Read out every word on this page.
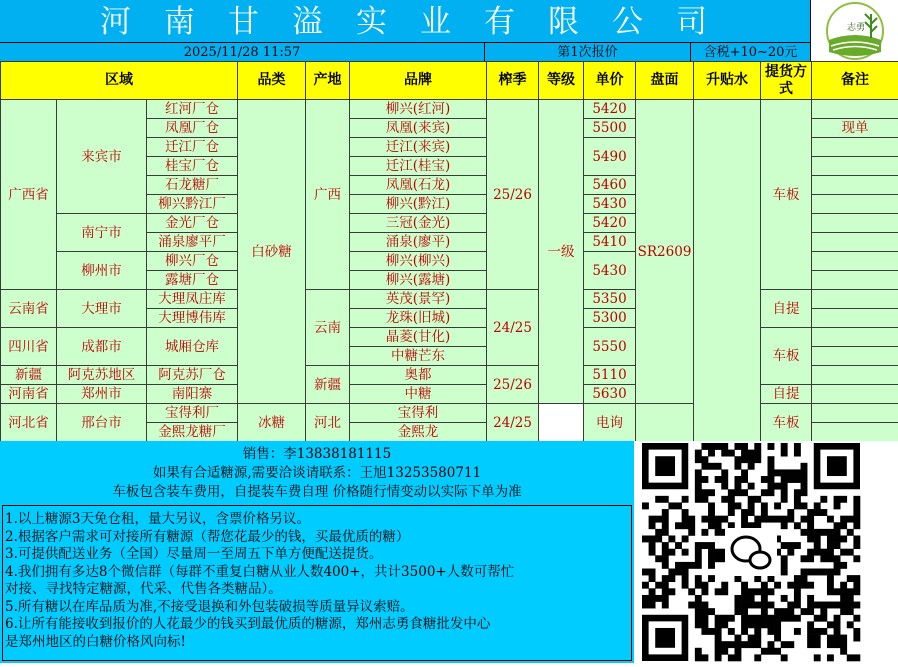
河南甘溢实业有限公司	志勇
2025/11/28 11:57	第1次报价	含税+10~20元
区域			品类	产地	品牌	榨季	等级	单价	盘面	升贴水	提货方式	备注
广西省	来宾市	红河厂仓	白砂糖	广西	柳兴(红河)	25/26	一级	5420	SR2609		车板	
		凤凰厂仓			凤凰(来宾)			5500				现单
		迁江厂仓			迁江(来宾)			5490				
		桂宝厂仓			迁江(桂宝)							
		石龙糖厂			凤凰(石龙)			5460				
		柳兴黔江厂			柳兴(黔江)			5430				
	南宁市	金光厂仓			三冠(金光)			5420				
		涌泉廖平厂			涌泉(廖平)			5410				
	柳州市	柳兴厂仓			柳兴(柳兴)			5430				
		露塘厂仓			柳兴(露塘)							
云南省	大理市	大理凤庄库		云南	英茂(景罕)	24/25		5350			自提	
		大理博伟库			龙珠(旧城)			5300				
四川省	成都市	城厢仓库			晶菱(甘化)			5550			车板	
					中糖芒东							
新疆	阿克苏地区	阿克苏厂仓		新疆	奥都	25/26		5110				
河南省	郑州市	南阳寨			中糖			5630			自提	
河北省	邢台市	宝得利厂	冰糖	河北	宝得利	24/25		电询			车板	
		金熙龙糖厂			金熙龙							
销售：李13838181115
如果有合适糖源,需要洽谈请联系：王旭13253580711
车板包含装车费用，自提装车费自理 价格随行情变动以实际下单为准
1.以上糖源3天免仓租，量大另议，含票价格另议。
2.根据客户需求可对接所有糖源（帮您花最少的钱，买最优质的糖）
3.可提供配送业务（全国）尽量周一至周五下单方便配送提货。
4.我们拥有多达8个微信群（每群不重复白糖从业人数400+，共计3500+人数可帮忙
对接、寻找特定糖源，代采、代售各类糖品）。
5.所有糖以在库品质为准,不接受退换和外包装破损等质量异议索赔。
6.让所有能接收到报价的人花最少的钱买到最优质的糖源，郑州志勇食糖批发中心
是郑州地区的白糖价格风向标!
